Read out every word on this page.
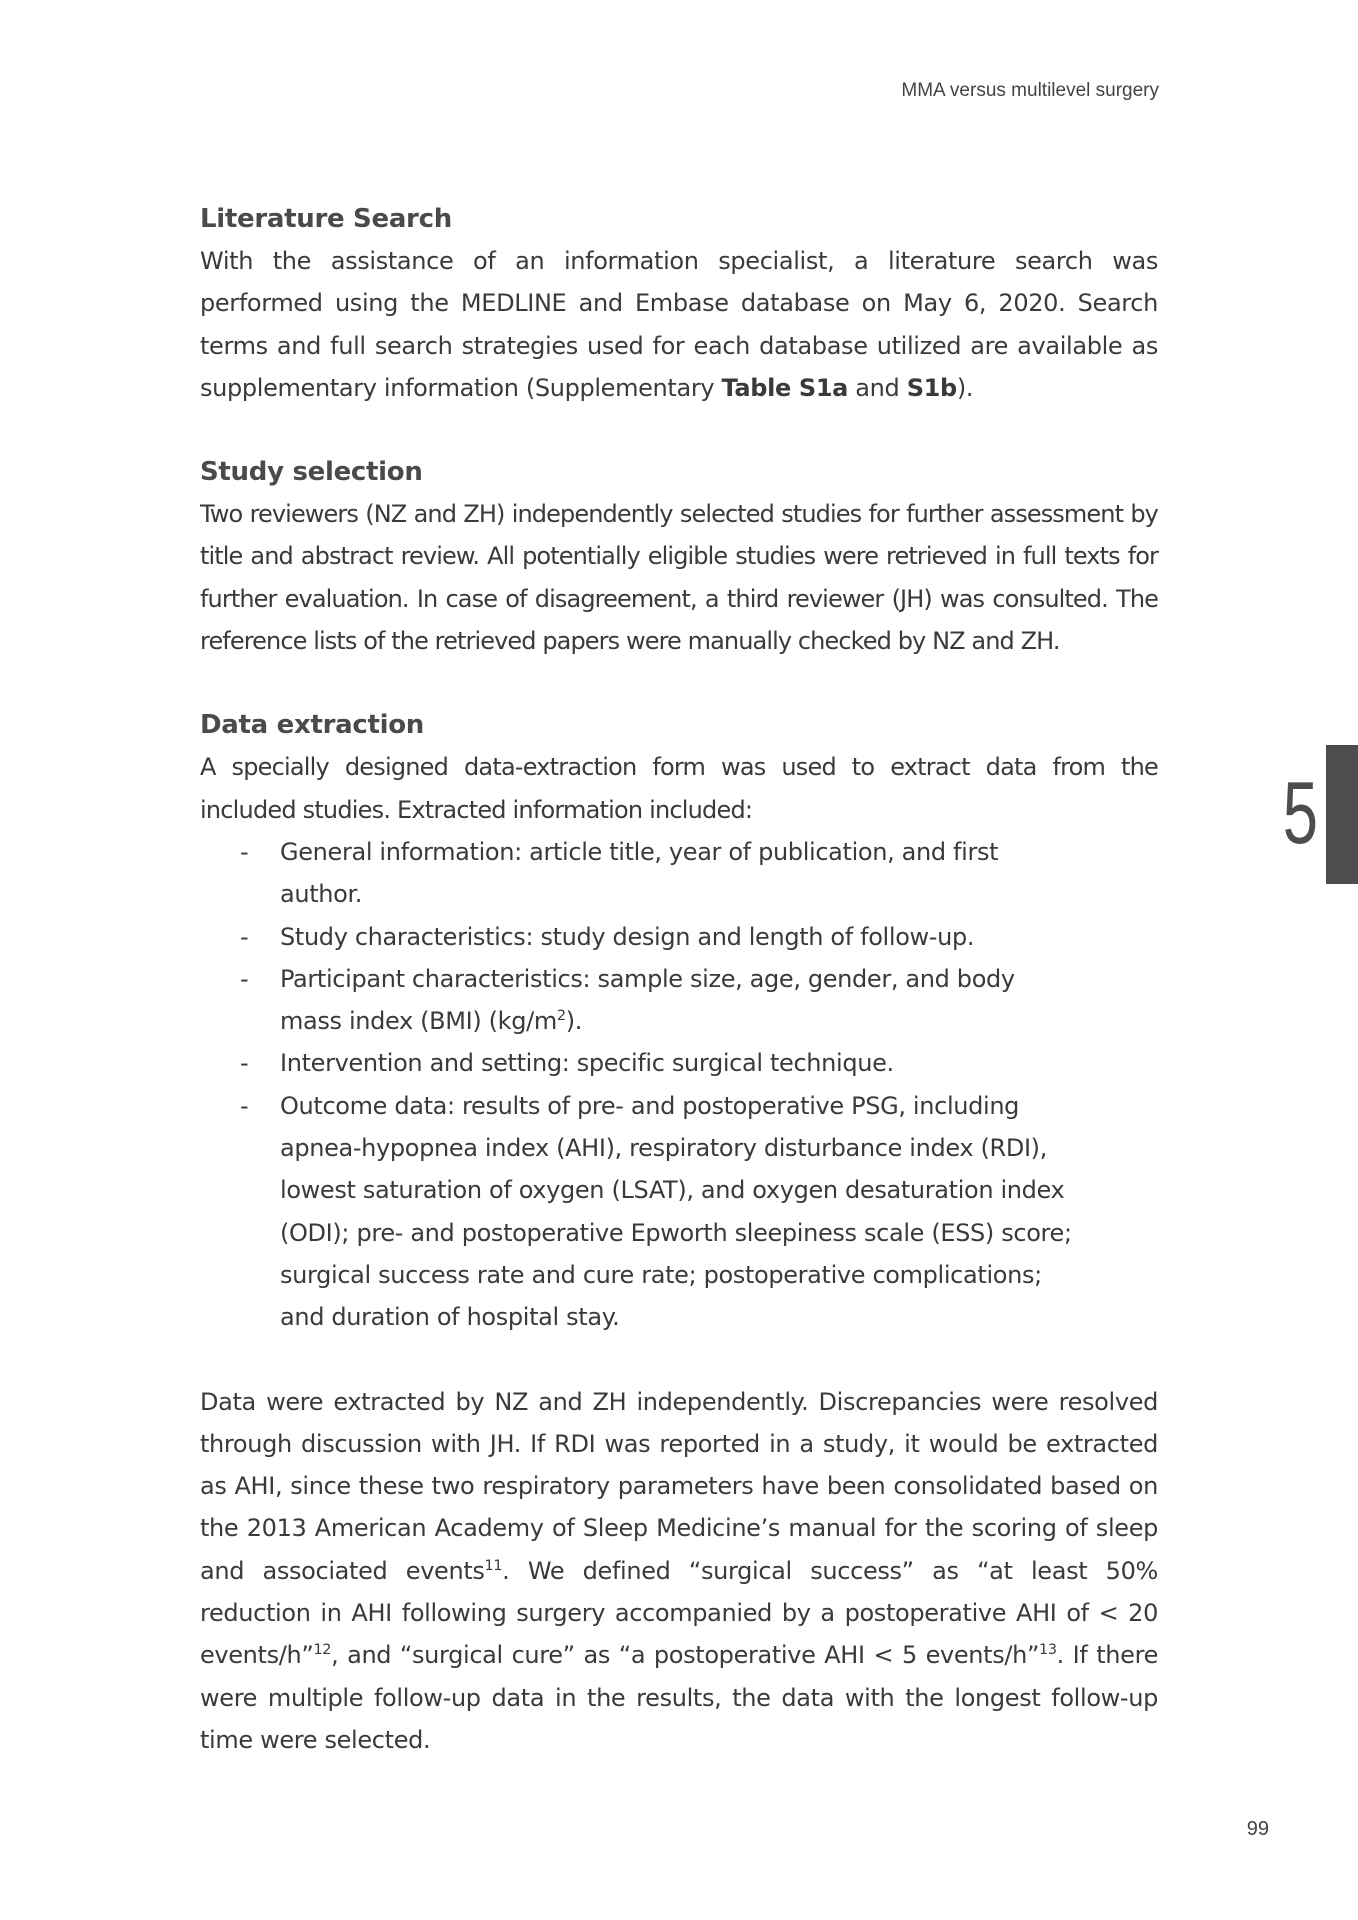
MMA versus multilevel surgery
Literature Search

With the assistance of an information specialist, a literature search was performed using the MEDLINE and Embase database on May 6, 2020. Search terms and full search strategies used for each database utilized are available as supplementary information (Supplementary Table S1a and S1b).

Study selection

Two reviewers (NZ and ZH) independently selected studies for further assessment by title and abstract review. All potentially eligible studies were retrieved in full texts for further evaluation. In case of disagreement, a third reviewer (JH) was consulted. The reference lists of the retrieved papers were manually checked by NZ and ZH.

Data extraction

A specially designed data-extraction form was used to extract data from the included studies. Extracted information included:

- General information: article title, year of publication, and first author.
- Study characteristics: study design and length of follow-up.
- Participant characteristics: sample size, age, gender, and body mass index (BMI) $(kg/m^2)$.
- Intervention and setting: specific surgical technique.
- Outcome data: results of pre- and postoperative PSG, including apnea-hypopnea index (AHI), respiratory disturbance index (RDI), lowest saturation of oxygen (LSAT), and oxygen desaturation index (ODI); pre- and postoperative Epworth sleepiness scale (ESS) score; surgical success rate and cure rate; postoperative complications; and duration of hospital stay.

Data were extracted by NZ and ZH independently. Discrepancies were resolved through discussion with JH. If RDI was reported in a study, it would be extracted as AHI, since these two respiratory parameters have been consolidated based on the 2013 American Academy of Sleep Medicine’s manual for the scoring of sleep and associated events$^{11}$. We defined “surgical success” as “at least 50% reduction in AHI following surgery accompanied by a postoperative AHI of < 20 events/h”$^{12}$, and “surgical cure” as “a postoperative AHI < 5 events/h”$^{13}$. If there were multiple follow-up data in the results, the data with the longest follow-up time were selected.

5
99
